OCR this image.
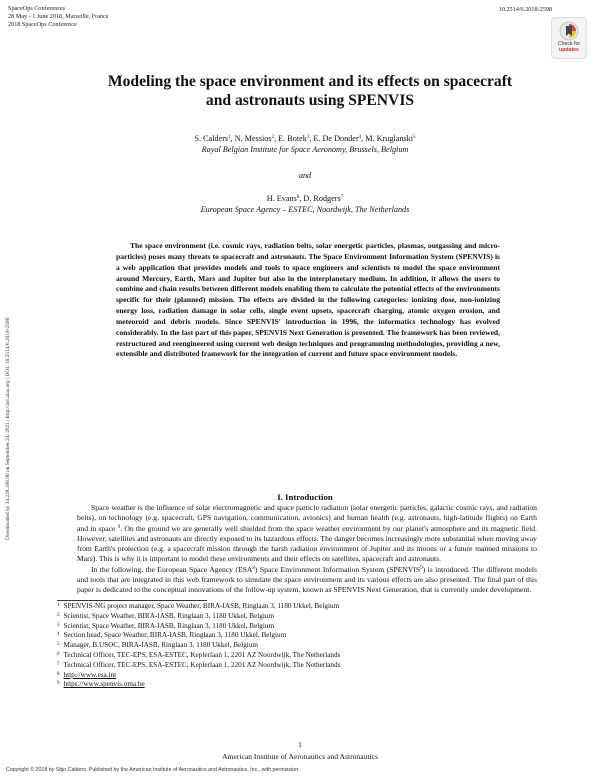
SpaceOps Conferences
28 May - 1 June 2018, Marseille, France
2018 SpaceOps Conference
10.2514/6.2018-2598
Check for
updates
Downloaded by 34.228.166.90 on September 24, 2021 | http://arc.aiaa.org | DOI: 10.2514/6.2018-2598
Modeling the space environment and its effects on spacecraft
and astronauts using SPENVIS
S. Calders$^1$, N. Messios$^2$, E. Botek$^3$, E. De Donder$^4$, M. Kruglanski$^5$
Royal Belgian Institute for Space Aeronomy, Brussels, Belgium
and
H. Evans$^6$, D. Rodgers$^7$
European Space Agency – ESTEC, Noordwijk, The Netherlands

The space environment (i.e. cosmic rays, radiation belts, solar energetic particles, plasmas, outgassing and micro-particles) poses many threats to spacecraft and astronauts. The Space Environment Information System (SPENVIS) is a web application that provides models and tools to space engineers and scientists to model the space environment around Mercury, Earth, Mars and Jupiter but also in the interplanetary medium. In addition, it allows the users to combine and chain results between different models enabling them to calculate the potential effects of the environments specific for their (planned) mission. The effects are divided in the following categories: ionizing dose, non-ionizing energy loss, radiation damage in solar cells, single event upsets, spacecraft charging, atomic oxygen erosion, and meteoroid and debris models. Since SPENVIS' introduction in 1996, the informatics technology has evolved considerably. In the last part of this paper, SPENVIS Next Generation is presented. The framework has been reviewed, restructured and reengineered using current web design techniques and programming methodologies, providing a new, extensible and distributed framework for the integration of current and future space environment models.

I. Introduction

Space weather is the influence of solar electromagnetic and space particle radiation (solar energetic particles, galactic cosmic rays, and radiation belts), on technology (e.g. spacecraft, GPS navigation, communication, avionics) and human health (e.g. astronauts, high-latitude flights) on Earth and in space $^9$. On the ground we are generally well shielded from the space weather environment by our planet's atmosphere and its magnetic field. However, satellites and astronauts are directly exposed to its hazardous effects. The danger becomes increasingly more substantial when moving away from Earth's protection (e.g. a spacecraft mission through the harsh radiation environment of Jupiter and its moons or a future manned missions to Mars). This is why it is important to model these environments and their effects on satellites, spacecraft and astronauts.

In the following, the European Space Agency (ESA$^8$) Space Environment Information System (SPENVIS$^9$) is introduced. The different models and tools that are integrated in this web framework to simulate the space environment and its various effects are also presented. The final part of this paper is dedicated to the conceptual innovations of the follow-up system, known as SPENVIS Next Generation, that is currently under development.

$^1$ SPENVIS-NG project manager, Space Weather, BIRA-IASB, Ringlaan 3, 1180 Ukkel, Belgium
$^2$ Scientist, Space Weather, BIRA-IASB, Ringlaan 3, 1180 Ukkel, Belgium
$^3$ Scientist, Space Weather, BIRA-IASB, Ringlaan 3, 1180 Ukkel, Belgium
$^4$ Section head, Space Weather, BIRA-IASB, Ringlaan 3, 1180 Ukkel, Belgium
$^5$ Manager, B.USOC, BIRA-IASB, Ringlaan 3, 1180 Ukkel, Belgium
$^6$ Technical Officer, TEC-EPS, ESA-ESTEC, Keplerlaan 1, 2201 AZ Noordwijk, The Netherlands
$^7$ Technical Officer, TEC-EPS, ESA-ESTEC, Keplerlaan 1, 2201 AZ Noordwijk, The Netherlands
$^8$ http://www.esa.int
$^9$ https://www.spenvis.oma.be
1
American Institute of Aeronautics and Astronautics
Copyright © 2018 by Stijn Calders. Published by the American Institute of Aeronautics and Astronautics, Inc., with permission.
